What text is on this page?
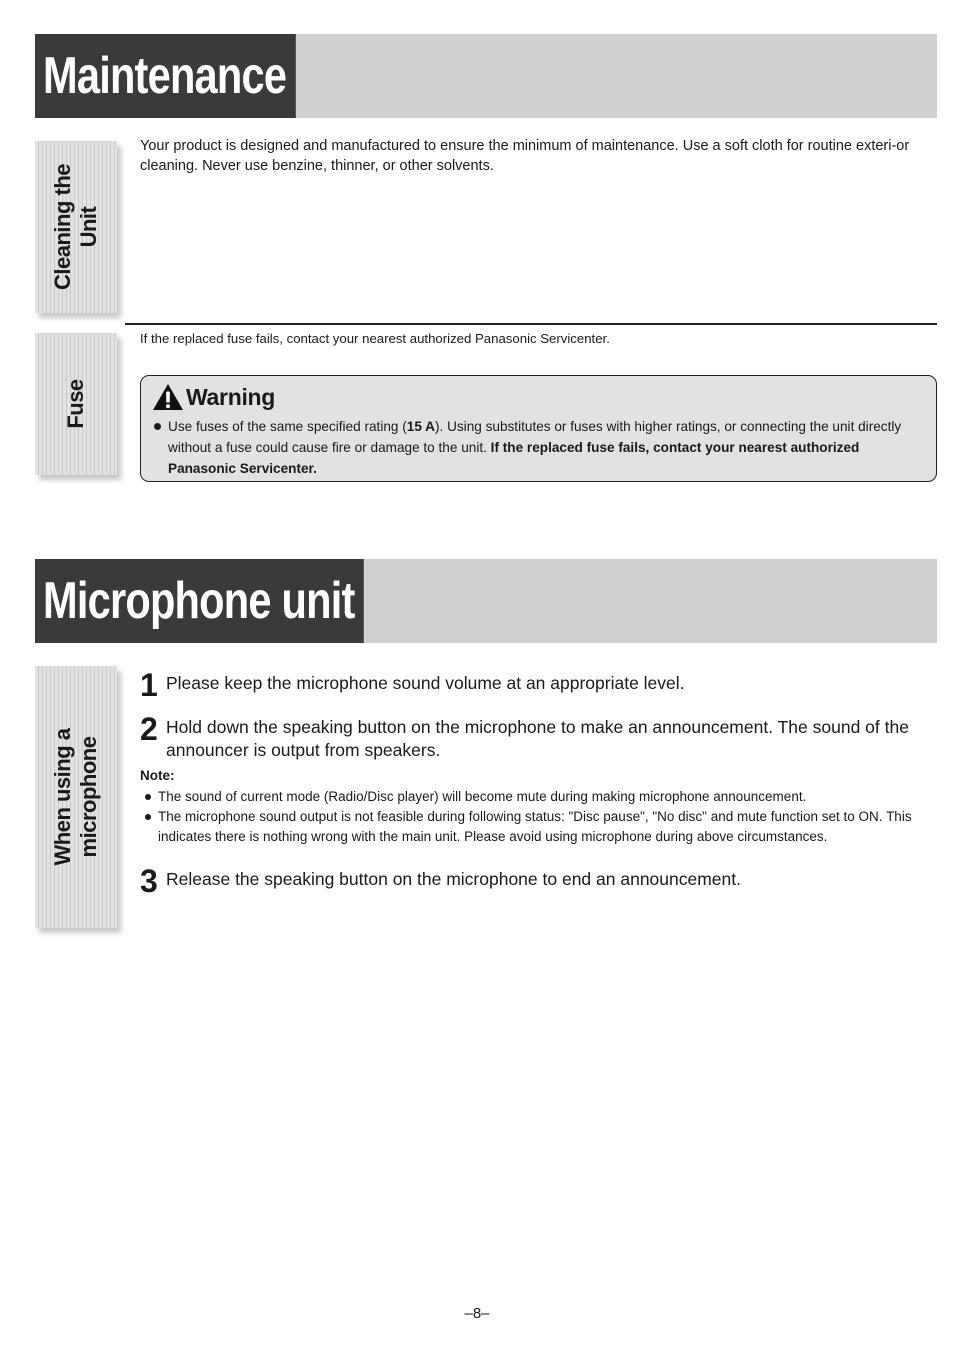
Maintenance
Cleaning the Unit
Your product is designed and manufactured to ensure the minimum of maintenance. Use a soft cloth for routine exteri-or cleaning. Never use benzine, thinner, or other solvents.
Fuse
If the replaced fuse fails, contact your nearest authorized Panasonic Servicenter.
Warning
Use fuses of the same specified rating (15 A). Using substitutes or fuses with higher ratings, or connecting the unit directly without a fuse could cause fire or damage to the unit. If the replaced fuse fails, contact your nearest authorized Panasonic Servicenter.
Microphone unit
When using a microphone
1 Please keep the microphone sound volume at an appropriate level.
2 Hold down the speaking button on the microphone to make an announcement. The sound of the announcer is output from speakers.
Note:
The sound of current mode (Radio/Disc player) will become mute during making microphone announcement.
The microphone sound output is not feasible during following status: "Disc pause", "No disc" and mute function set to ON. This indicates there is nothing wrong with the main unit. Please avoid using microphone during above circumstances.
3 Release the speaking button on the microphone to end an announcement.
–8–
